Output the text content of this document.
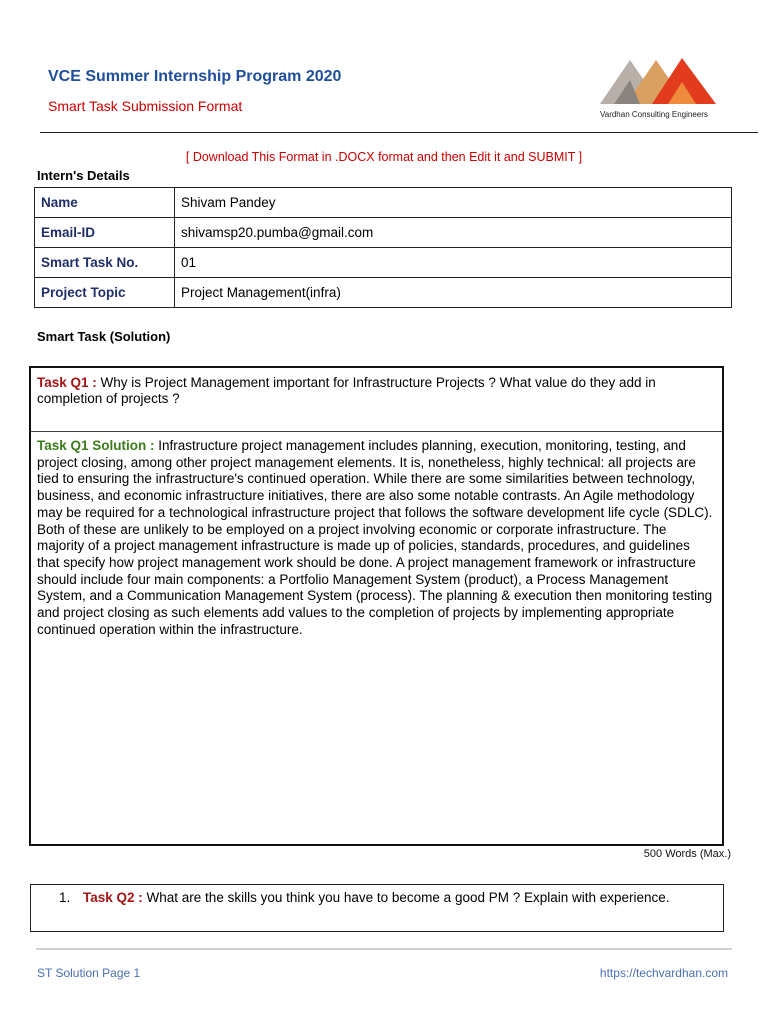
VCE Summer Internship Program 2020
Smart Task Submission Format
Vardhan Consulting Engineers
[ Download This Format in .DOCX format and then Edit it and SUBMIT ]
Intern's Details
Name	Shivam Pandey
Email-ID	shivamsp20.pumba@gmail.com
Smart Task No.	01
Project Topic	Project Management(infra)
Smart Task (Solution)
Task Q1 : Why is Project Management important for Infrastructure Projects ? What value do they add in completion of projects ?
Task Q1 Solution : Infrastructure project management includes planning, execution, monitoring, testing, and project closing, among other project management elements. It is, nonetheless, highly technical: all projects are tied to ensuring the infrastructure's continued operation. While there are some similarities between technology, business, and economic infrastructure initiatives, there are also some notable contrasts. An Agile methodology may be required for a technological infrastructure project that follows the software development life cycle (SDLC). Both of these are unlikely to be employed on a project involving economic or corporate infrastructure. The majority of a project management infrastructure is made up of policies, standards, procedures, and guidelines that specify how project management work should be done. A project management framework or infrastructure should include four main components: a Portfolio Management System (product), a Process Management System, and a Communication Management System (process). The planning & execution then monitoring testing and project closing as such elements add values to the completion of projects by implementing appropriate continued operation within the infrastructure.
500 Words (Max.)
1. Task Q2 : What are the skills you think you have to become a good PM ? Explain with experience.
ST Solution Page 1	https://techvardhan.com
